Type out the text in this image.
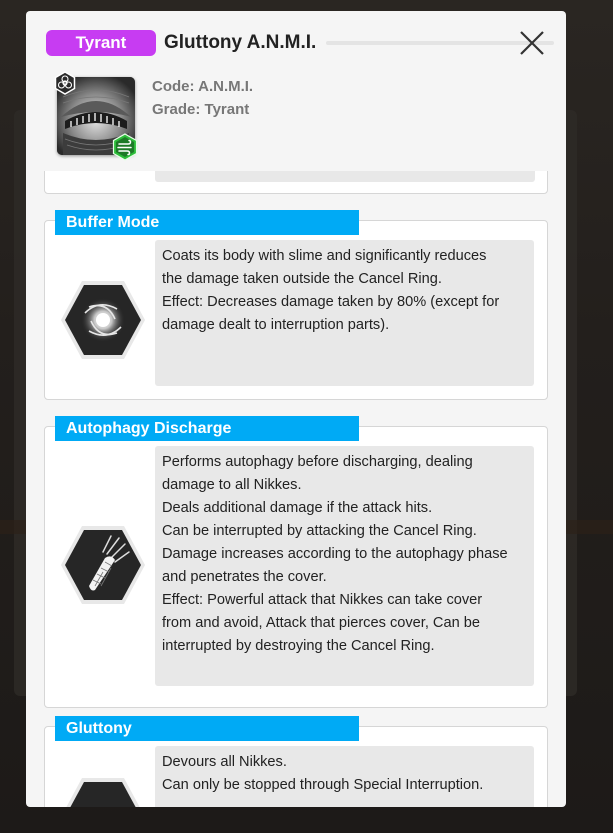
Tyrant	Gluttony A.N.M.I.
Code: A.N.M.I.
Grade: Tyrant
Coats its body with slime and significantly reduces
the damage taken outside the Cancel Ring.
Effect: Decreases damage taken by 80% (except for
damage dealt to interruption parts).
Buffer Mode
Performs autophagy before discharging, dealing
damage to all Nikkes.
Deals additional damage if the attack hits.
Can be interrupted by attacking the Cancel Ring.
Damage increases according to the autophagy phase
and penetrates the cover.
Effect: Powerful attack that Nikkes can take cover
from and avoid, Attack that pierces cover, Can be
interrupted by destroying the Cancel Ring.
Autophagy Discharge
Devours all Nikkes.
Can only be stopped through Special Interruption.
Gluttony
